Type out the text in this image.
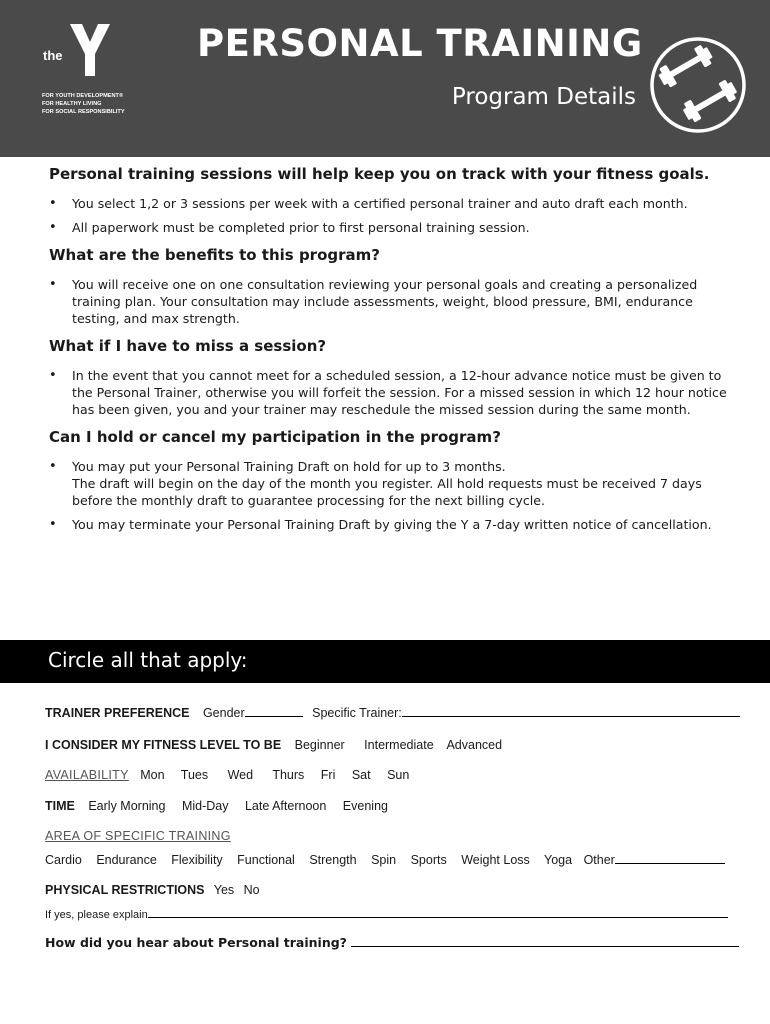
the
FOR YOUTH DEVELOPMENT®
FOR HEALTHY LIVING
FOR SOCIAL RESPONSIBILITY
PERSONAL TRAINING
Program Details
Personal training sessions will help keep you on track with your fitness goals.
• You select 1,2 or 3 sessions per week with a certified personal trainer and auto draft each month.
• All paperwork must be completed prior to first personal training session.
What are the benefits to this program?
• You will receive one on one consultation reviewing your personal goals and creating a personalized training plan. Your consultation may include assessments, weight, blood pressure, BMI, endurance testing, and max strength.
What if I have to miss a session?
• In the event that you cannot meet for a scheduled session, a 12-hour advance notice must be given to the Personal Trainer, otherwise you will forfeit the session. For a missed session in which 12 hour notice has been given, you and your trainer may reschedule the missed session during the same month.
Can I hold or cancel my participation in the program?
• You may put your Personal Training Draft on hold for up to 3 months.
The draft will begin on the day of the month you register. All hold requests must be received 7 days before the monthly draft to guarantee processing for the next billing cycle.
• You may terminate your Personal Training Draft by giving the Y a 7-day written notice of cancellation.
Circle all that apply:
TRAINER PREFERENCE Gender	Specific Trainer:
I CONSIDER MY FITNESS LEVEL TO BE Beginner Intermediate Advanced
AVAILABILITY Mon Tues Wed Thurs Fri Sat Sun
TIME Early Morning Mid-Day Late Afternoon Evening
AREA OF SPECIFIC TRAINING
Cardio Endurance Flexibility Functional Strength Spin Sports Weight Loss Yoga Other
PHYSICAL RESTRICTIONS Yes No
If yes, please explain
How did you hear about Personal training?
